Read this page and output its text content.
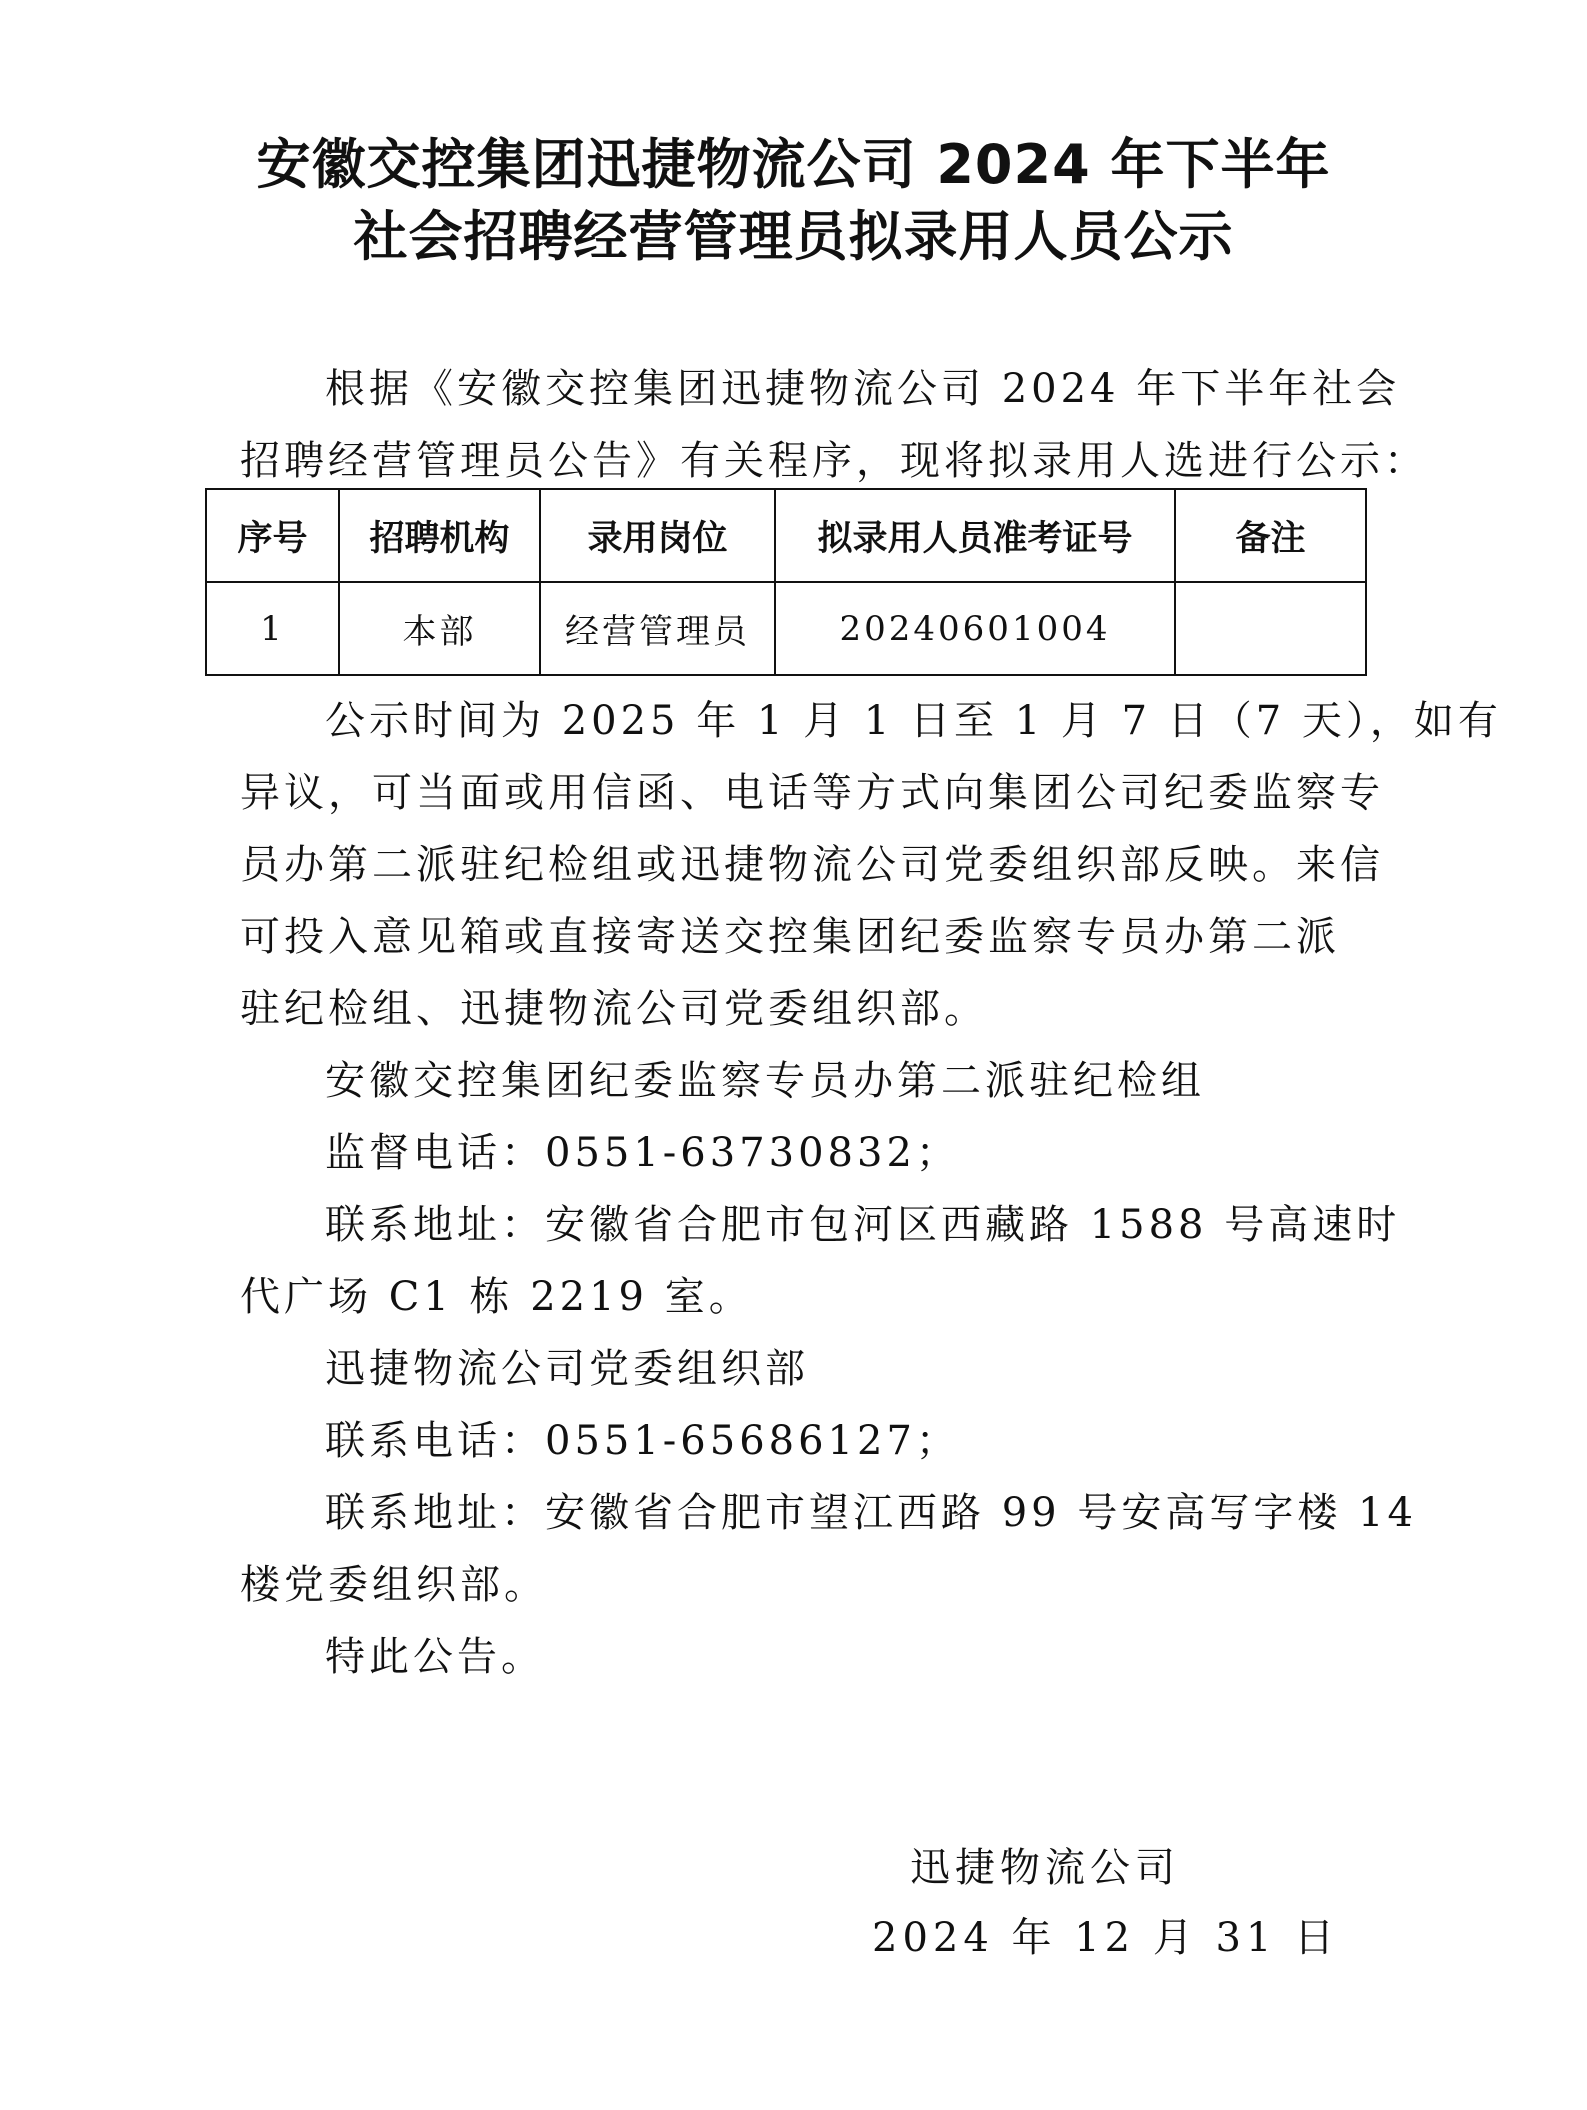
安徽交控集团迅捷物流公司 2024 年下半年
社会招聘经营管理员拟录用人员公示
根据《安徽交控集团迅捷物流公司 2024 年下半年社会
招聘经营管理员公告》有关程序，现将拟录用人选进行公示：
序号	招聘机构	录用岗位	拟录用人员准考证号	备注
1	本部	经营管理员	20240601004	
公示时间为 2025 年 1 月 1 日至 1 月 7 日（7 天），如有
异议，可当面或用信函、电话等方式向集团公司纪委监察专
员办第二派驻纪检组或迅捷物流公司党委组织部反映。来信
可投入意见箱或直接寄送交控集团纪委监察专员办第二派
驻纪检组、迅捷物流公司党委组织部。
安徽交控集团纪委监察专员办第二派驻纪检组
监督电话：0551-63730832；
联系地址：安徽省合肥市包河区西藏路 1588 号高速时
代广场 C1 栋 2219 室。
迅捷物流公司党委组织部
联系电话：0551-65686127；
联系地址：安徽省合肥市望江西路 99 号安高写字楼 14
楼党委组织部。
特此公告。
迅捷物流公司
2024 年 12 月 31 日
